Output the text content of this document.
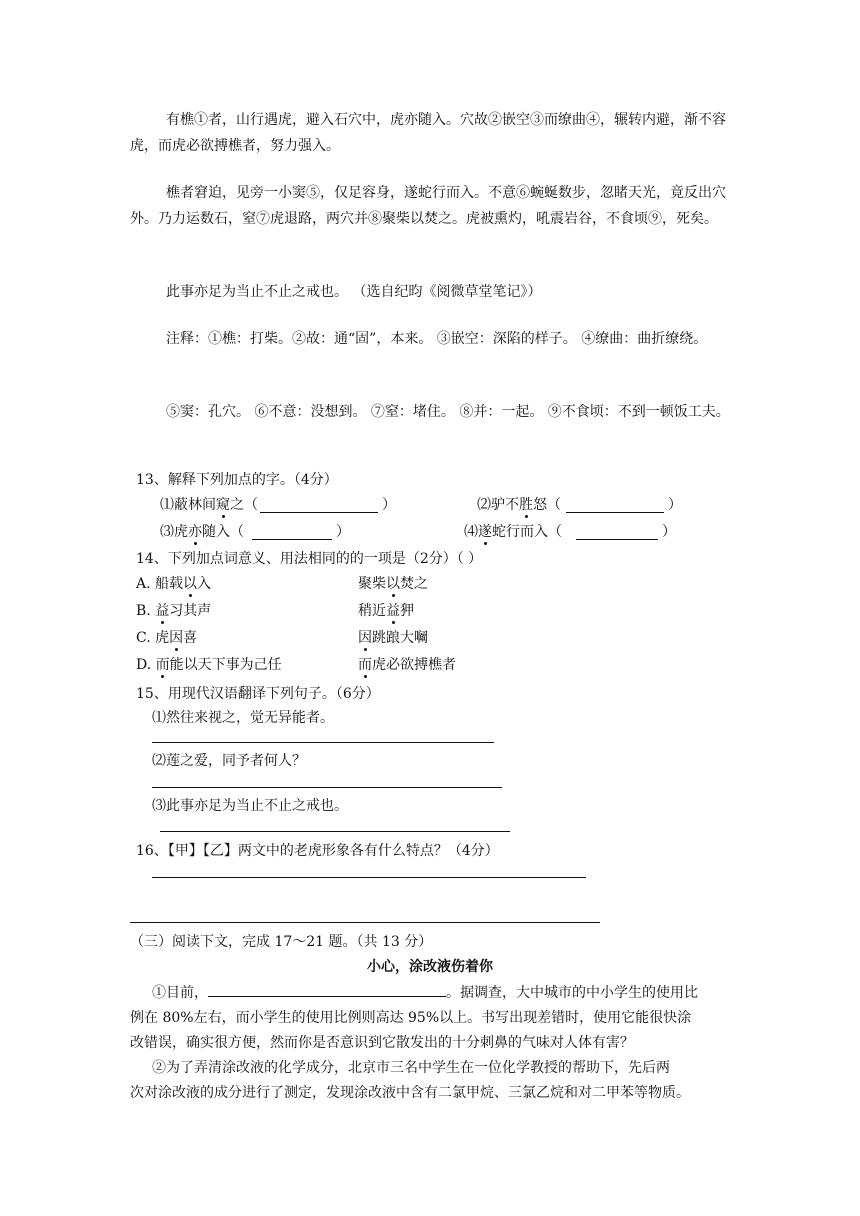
有樵①者，山行遇虎，避入石穴中，虎亦随入。穴故②嵌空③而缭曲④，辗转内避，渐不容虎，而虎必欲搏樵者，努力强入。

樵者窘迫，见旁一小窦⑤，仅足容身，遂蛇行而入。不意⑥蜿蜒数步，忽睹天光，竟反出穴外。乃力运数石，窒⑦虎退路，两穴并⑧聚柴以焚之。虎被熏灼，吼震岩谷，不食顷⑨，死矣。

此事亦足为当止不止之戒也。 （选自纪昀《阅微草堂笔记》）

注释：①樵：打柴。②故：通“固”，本来。 ③嵌空：深陷的样子。 ④缭曲：曲折缭绕。

⑤窦：孔穴。 ⑥不意：没想到。 ⑦窒：堵住。 ⑧并：一起。 ⑨不食顷：不到一顿饭工夫。

13、解释下列加点的字。（4分）
⑴蔽林间窥之（	）	⑵驴不胜怒（	）
⑶虎亦随入（	）	⑷遂蛇行而入（	）
14、下列加点词意义、用法相同的的一项是（2分）（ ）
A. 船载以入	聚柴以焚之
B. 益习其声	稍近益狎
C. 虎因喜	因跳踉大㘎
D. 而能以天下事为己任	而虎必欲搏樵者
15、用现代汉语翻译下列句子。（6分）
⑴然往来视之，觉无异能者。
⑵莲之爱，同予者何人？
⑶此事亦足为当止不止之戒也。
16、【甲】【乙】两文中的老虎形象各有什么特点？（4分）
（三）阅读下文，完成 17～21 题。（共 13 分）
小心，涂改液伤着你
①目前，	。据调查，大中城市的中小学生的使用比
例在 80%左右，而小学生的使用比例则高达 95%以上。书写出现差错时，使用它能很快涂
改错误，确实很方便，然而你是否意识到它散发出的十分刺鼻的气味对人体有害？
②为了弄清涂改液的化学成分，北京市三名中学生在一位化学教授的帮助下，先后两
次对涂改液的成分进行了测定，发现涂改液中含有二氯甲烷、三氯乙烷和对二甲苯等物质。
